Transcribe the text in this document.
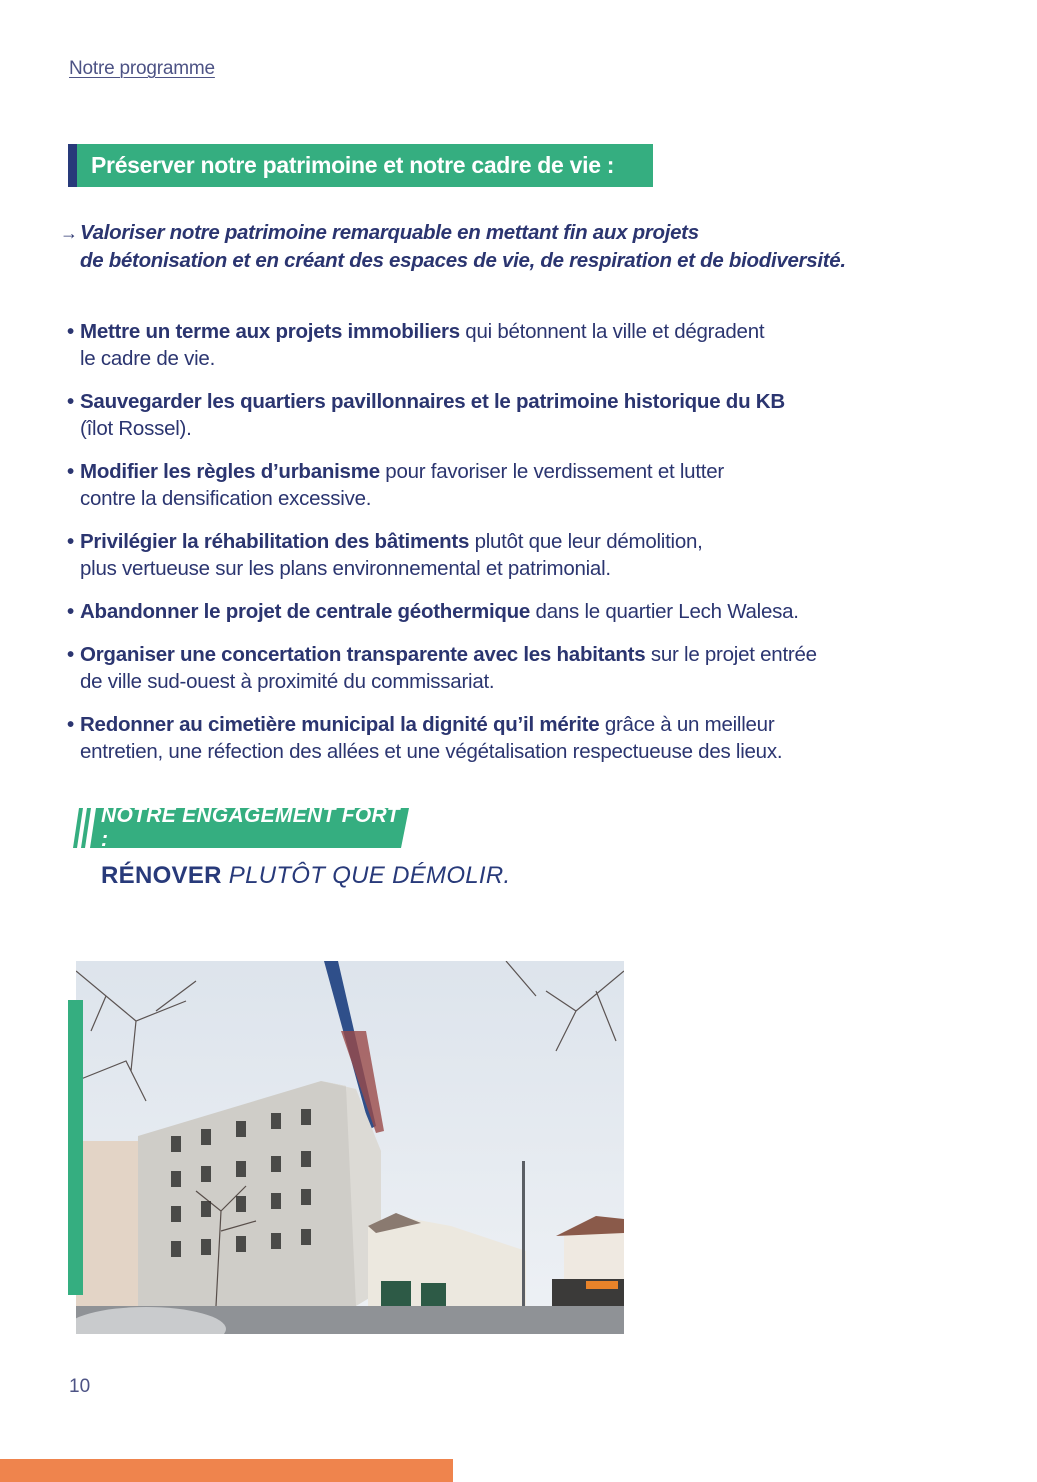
Notre programme
Préserver notre patrimoine et notre cadre de vie :
→ Valoriser notre patrimoine remarquable en mettant fin aux projets
de bétonisation et en créant des espaces de vie, de respiration et de biodiversité.
• Mettre un terme aux projets immobiliers qui bétonnent la ville et dégradent
le cadre de vie.
• Sauvegarder les quartiers pavillonnaires et le patrimoine historique du KB
(îlot Rossel).
• Modifier les règles d’urbanisme pour favoriser le verdissement et lutter
contre la densification excessive.
• Privilégier la réhabilitation des bâtiments plutôt que leur démolition,
plus vertueuse sur les plans environnemental et patrimonial.
• Abandonner le projet de centrale géothermique dans le quartier Lech Walesa.
• Organiser une concertation transparente avec les habitants sur le projet entrée
de ville sud-ouest à proximité du commissariat.
• Redonner au cimetière municipal la dignité qu’il mérite grâce à un meilleur
entretien, une réfection des allées et une végétalisation respectueuse des lieux.
NOTRE ENGAGEMENT FORT :
RÉNOVER PLUTÔT QUE DÉMOLIR.
10
